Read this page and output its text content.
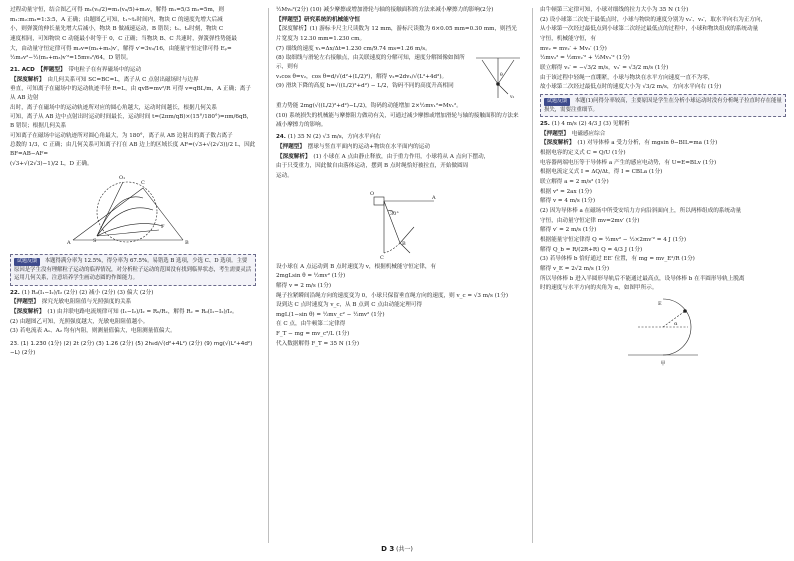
过程动量守恒，结合图乙可得 m₁(v₀/2)=m₁(v₀/5)+m₂v，解得 m₁=5/3 m₂=5m，则

m₁:m₂:m₃=1:3:5，A 正确；由题图乙可知，t₁~t₂时间内，物块 C 的速度先增大后减

小，则弹簧的伸长量先增大后减小，物块 B 做减速运动，B 错误；t₁、t₂时刻，物块 C

速度相同，可知物块 C 动能最小时等于 0，C 正确；当物块 B、C 共速时，弹簧弹性势能最

大，由动量守恒定律可得 m₂v=(m₂+m₃)v′，解得 v′=3v₀/16，由能量守恒定律可得 Eₚ=

½m₂v²−½(m₂+m₃)v′²=15mv₀²/64，D 错误。

21. ACD 【押题型】 带电粒子在有界磁场中的运动

【深度解析】 由几何关系可知 SC=BC=L，离子从 C 点射出磁场时与边界

垂直，可知离子在磁场中的运动轨迹半径 R=L，由 qvB=mv²/R 可得 v=qBL/m，A 正确；离子从 AB 边射

出时，离子在磁场中的运动轨迹所对应的圆心角越大，运动时间越长，根据几何关系

可知，离子从 AB 边中点射出时运动时间最长，运动时间 t=(2πm/qB)×(15°/180°)=πm/6qB，B 错误；根据几何关系

可知离子在磁场中运动轨迹所对圆心角最大，为 180°，离子从 AB 边射出的离子数占离子

总数的 1/3，C 正确；由几何关系可知离子打在 AB 边上的区域长度 AF=(√3+√(2√3))/2 L，因此 BF=AB−AF=

(√3+√(2√3)−1)/2 L，D 正确。

A	B
C
O₁
S
F
试题反馈 本题得满分率为 12.5%，得分率为 67.5%。易错选 B 选项，少选 C、D 选项。主要原因是学生没有理解粒子运动的临界情况，对分析粒子运动的范围没有找到临界状态，考生需要灵活运用几何关系，注意培养学生画动态圆的作图能力。

22. (1) R₀(I₁−I₂)/I₂ (2分) (2) 减小 (2分) (3) 偏大 (2分)

【押题型】 探究光敏电阻阻值与光照强度的关系

【深度解析】 (1) 由并联电路电流规律可知 (I₁−I₂)/I₂ = R₀/Rₓ，解得 Rₓ = R₀(I₁−I₂)/I₂。

(2) 由题图乙可知，光照强度越大，光敏电阻阻值越小。

(3) 若电流表 A₁、A₂ 均有内阻，则测量值偏大，电阻测量值偏大。

23. (1) 1.230 (1分) (2) 2t (2分) (3) 1.26 (2分) (5) 2h₀d/√(d²+4L²) (2分) (9) mg(√(L²+4d²)−L) (2分)

½Mv₀²(2分) (10) 减少摩擦或增加滑轮与轴的接触面积的方法来减小摩擦力的影响(2分)

【押题型】研究系统的机械能守恒

【深度解析】(1) 游标卡尺主尺读数为 12 mm，游标尺读数为 6×0.05 mm=0.30 mm，则挡光

片宽度为 12.30 mm=1.230 cm。

(7) 细线的速度 v₁=Δx/Δt=1.230 cm/9.74 ms=1.26 m/s。

(8) 取细线与滑轮左右接触点，由关联速度的分解可知，速度分解图像如图所示，则有

v₁cos θ=v₂，cos θ=d/√(d²+(L/2)²)，解得 v₂=2dv₁/√(L²+4d²)。

(9) 滑块下降的高度 h=√((L/2)²+d²) − L/2，钩码不同的高度升高相同

θ
v₂

重力势能 2mg(√((L/2)²+d²)−L/2)，钩码的动能增加 2×½mv₁²=Mv₁²。

(10) 系统损失的机械能与摩擦阻力做功有关，可通过减少摩擦或增加滑轮与轴的接触面积的方法来减小摩擦力的影响。

24. (1) 35 N (2) √3 m/s，方向水平向右

【押题型】 摆球与竖直平面内的运动+物块在水平面内的运动

【深度解析】 (1) 小球在 A 点由静止释放，由于重力作用，小球将从 A 点向下摆动，

由于只受重力，因此做自由落体运动，摆到 B 点时绳恰好被拉直，开始做圆周

运动。

O
30°
B
C
A

设小球在 A 点运动到 B 点时速度为 v，根据机械能守恒定律，有

2mgLsin θ = ½mv² (1分)

解得 v = 2 m/s (1分)

绳子拉紧瞬间沿绳方向的速度变为 0，小球只保留垂直绳方向的速度，则 v_c = √3 m/s (1分)

设到达 C 点时速度为 v_c，从 B 点到 C 点由动能定理可得

mgL(1−sin θ) = ½mv_c² − ½mv² (1分)

在 C 点，由牛顿第二定律得

F_T − mg = mv_c²/L (1分)

代入数据解得 F_T = 35 N (1分)

由牛顿第三定律可知，小球对细线的拉力大小为 35 N (1分)

(2) 设小球第二次处于最低点时，小球与物块的速度分别为 v₂′、v₃′，取水平向右为正方向，

从小球第一次经过最低点到小球第二次经过最低点的过程中，小球和物块组成的系统动量

守恒，机械能守恒，有

mv₂ = mv₂′ + Mv₃′ (1分)

½mv₂² = ½mv₂′² + ½Mv₃′² (1分)

联立解得 v₂′ = −√3/2 m/s，v₃′ = √3/2 m/s (1分)

由于该过程中轻绳一直绷紧，小球与物块在水平方向速度一直不为零，

故小球第二次经过最低点时的速度大小为 √3/2 m/s，方向水平向右 (1分)

试题反馈 本题(1)问得分率较高，主要原因是学生在分析小球运动时没有分析绳子拉直时存在能量损失，需要注重细节。

25. (1) 4 m/s (2) 4/3 J (3) 见解析

【押题型】 电磁感应综合

【深度解析】 (1) 对导体棒 a 受力分析，有 mgsin θ−BIL=ma (1分)

根据电容的定义式 C = Q/U (1分)

电容器两端电压等于导体棒 a 产生的感应电动势，有 U=E=BLv (1分)

根据电流定义式 I = ΔQ/Δt，得 I = CBLa (1分)

联立解得 a = 2 m/s² (1分)

根据 v² = 2ax (1分)

解得 v = 4 m/s (1分)

(2) 因为导体棒 a 在磁场中所受安培力方向沿斜面向上，所以两棒组成的系统动量

守恒，由动量守恒定律 mv=2mv′ (1分)

解得 v′ = 2 m/s (1分)

根据能量守恒定律得 Q = ½mv² − ½×2mv′² = 4 J (1分)

解得 Q_b = R/(2R+R) Q = 4/3 J (1分)

(3) 若导体棒 b 恰好通过 EE′ 位置，有 mg = mv_E²/R (1分)

解得 v_E = 2√2 m/s (1分)

所以导体棒 b 进入半圆形导轨后不能通过最高点，设导体棒 b 在半圆形导轨上脱离

时的速度与水平方向的夹角为 α，如图甲所示。

α
E
甲
D 3 (共一)
